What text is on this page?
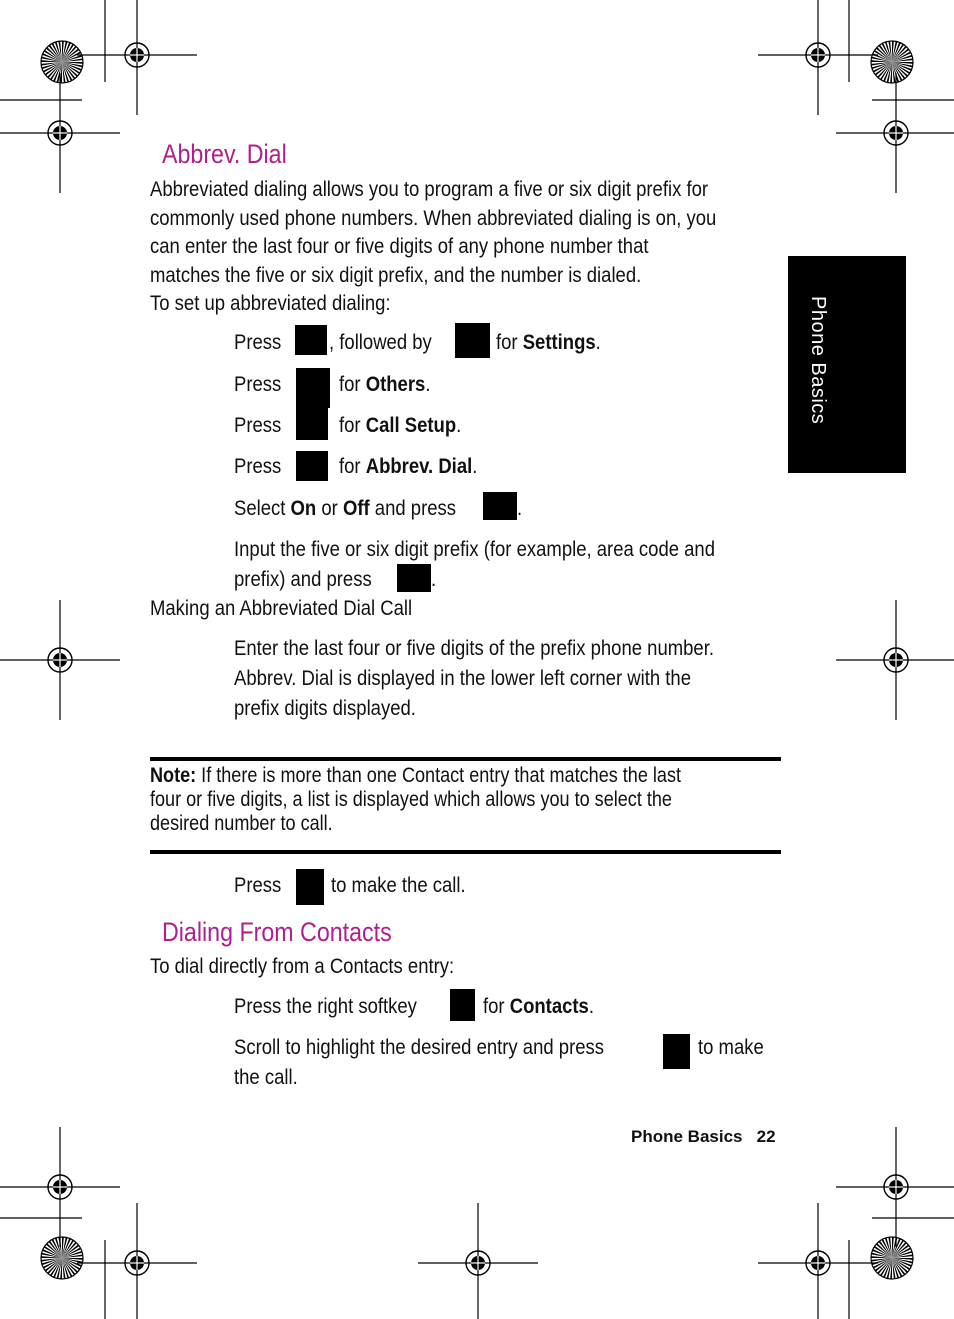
Phone Basics
Abbrev. Dial
Abbreviated dialing allows you to program a five or six digit prefix for
commonly used phone numbers. When abbreviated dialing is on, you
can enter the last four or five digits of any phone number that
matches the five or six digit prefix, and the number is dialed.
To set up abbreviated dialing:
Press	, followed by	for Settings.
Press	for Others.
Press	for Call Setup.
Press	for Abbrev. Dial.
Select On or Off and press	.
Input the five or six digit prefix (for example, area code and
prefix) and press	.
Making an Abbreviated Dial Call
Enter the last four or five digits of the prefix phone number.
Abbrev. Dial is displayed in the lower left corner with the
prefix digits displayed.
Note: If there is more than one Contact entry that matches the last
four or five digits, a list is displayed which allows you to select the
desired number to call.
Press	to make the call.
Dialing From Contacts
To dial directly from a Contacts entry:
Press the right softkey	for Contacts.
Scroll to highlight the desired entry and press	to make
the call.
Phone Basics 22
